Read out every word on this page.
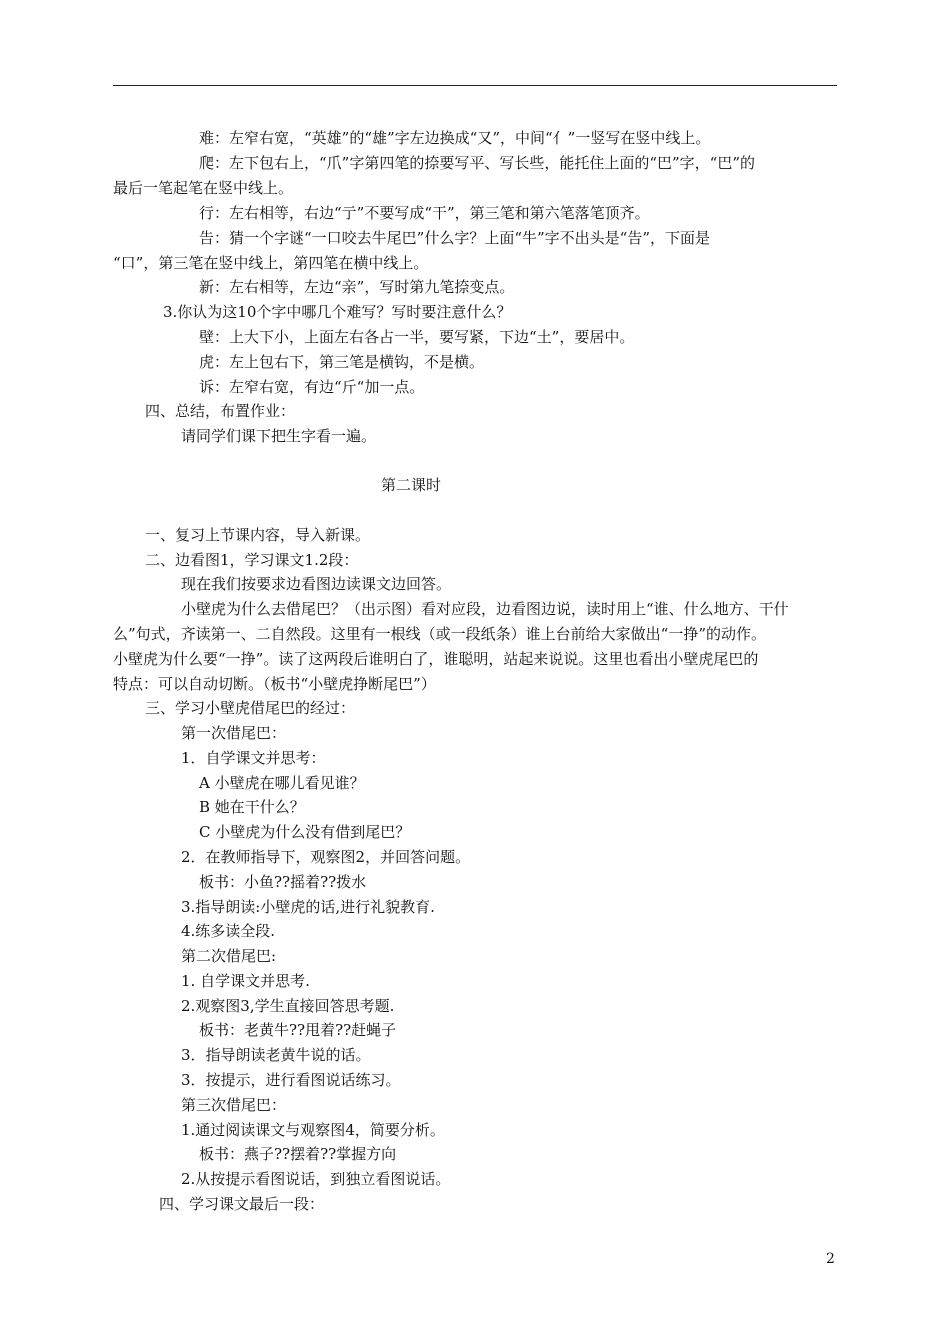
难：左窄右宽，“英雄”的“雄”字左边换成“又”，中间“亻”一竖写在竖中线上。
爬：左下包右上，“爪”字第四笔的捺要写平、写长些，能托住上面的“巴”字，“巴”的
最后一笔起笔在竖中线上。
行：左右相等，右边“亍”不要写成“干”，第三笔和第六笔落笔顶齐。
告：猜一个字谜“一口咬去牛尾巴”什么字？上面“牛”字不出头是“告”，下面是
“口”，第三笔在竖中线上，第四笔在横中线上。
新：左右相等，左边“亲”，写时第九笔捺变点。
3.你认为这10个字中哪几个难写？写时要注意什么？
壁：上大下小，上面左右各占一半，要写紧，下边“土”，要居中。
虎：左上包右下，第三笔是横钩，不是横。
诉：左窄右宽，有边“斤“加一点。
四、总结，布置作业：
请同学们课下把生字看一遍。
第二课时
一、复习上节课内容，导入新课。
二、边看图1，学习课文1.2段：
现在我们按要求边看图边读课文边回答。
小壁虎为什么去借尾巴？（出示图）看对应段，边看图边说，读时用上“谁、什么地方、干什
么”句式，齐读第一、二自然段。这里有一根线（或一段纸条）谁上台前给大家做出“一挣”的动作。
小壁虎为什么要“一挣”。读了这两段后谁明白了，谁聪明，站起来说说。这里也看出小壁虎尾巴的
特点：可以自动切断。（板书“小壁虎挣断尾巴”）
三、学习小壁虎借尾巴的经过：
第一次借尾巴：
1．自学课文并思考：
A 小壁虎在哪儿看见谁？
B 她在干什么？
C 小壁虎为什么没有借到尾巴？
2．在教师指导下，观察图2，并回答问题。
板书：小鱼??摇着??拨水
3.指导朗读:小壁虎的话,进行礼貌教育.
4.练多读全段.
第二次借尾巴:
1. 自学课文并思考.
2.观察图3,学生直接回答思考题.
板书：老黄牛??甩着??赶蝇子
3．指导朗读老黄牛说的话。
3．按提示，进行看图说话练习。
第三次借尾巴：
1.通过阅读课文与观察图4，简要分析。
板书：燕子??摆着??掌握方向
2.从按提示看图说话，到独立看图说话。
四、学习课文最后一段：
2
